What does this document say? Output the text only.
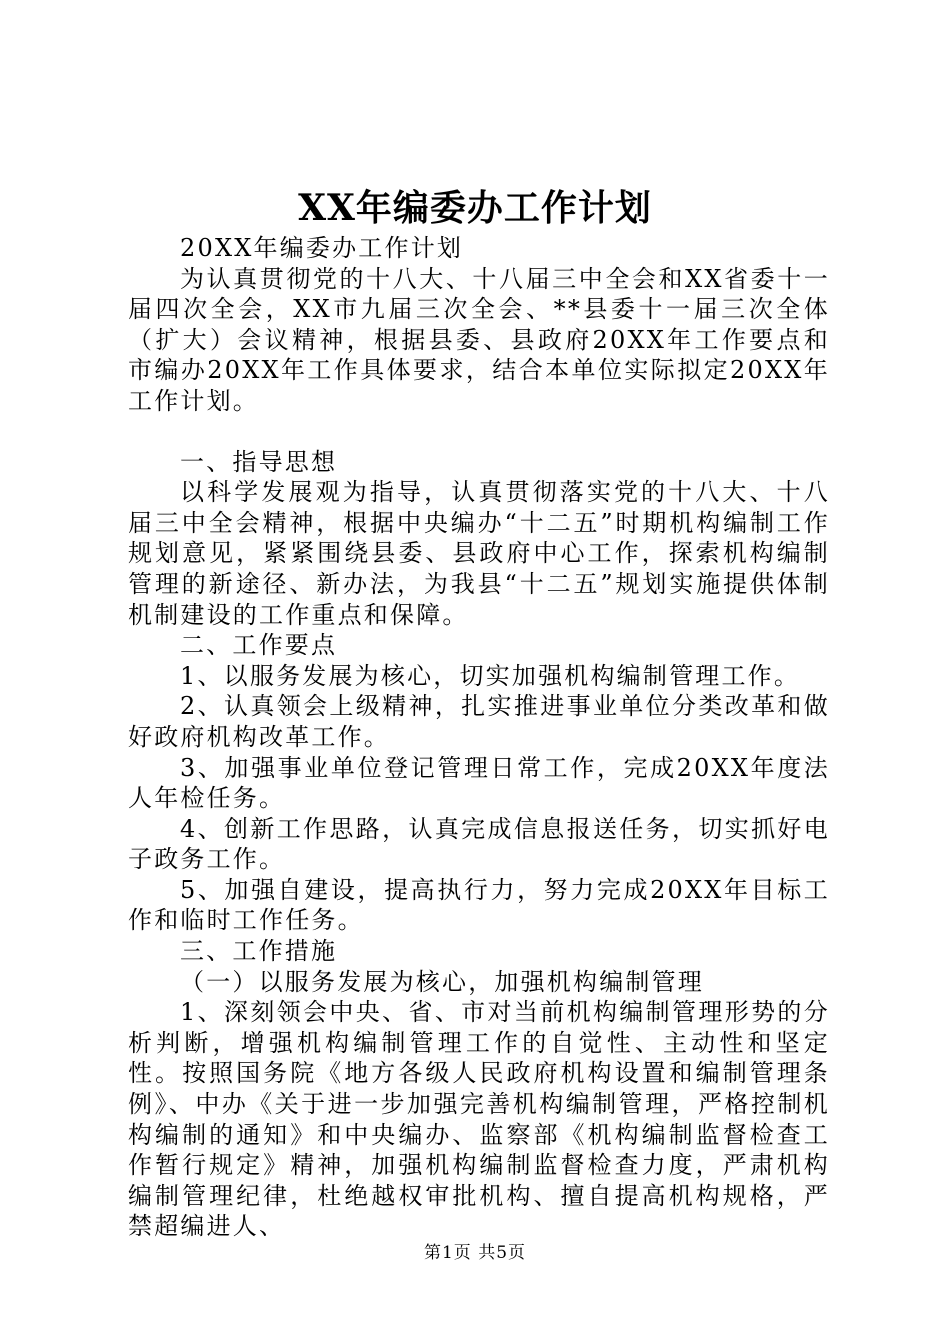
XX年编委办工作计划

20XX年编委办工作计划

为认真贯彻党的十八大、十八届三中全会和XX省委十一届四次全会，XX市九届三次全会、**县委十一届三次全体（扩大）会议精神，根据县委、县政府20XX年工作要点和市编办20XX年工作具体要求，结合本单位实际拟定20XX年工作计划。

一、指导思想

以科学发展观为指导，认真贯彻落实党的十八大、十八届三中全会精神，根据中央编办“十二五”时期机构编制工作规划意见，紧紧围绕县委、县政府中心工作，探索机构编制管理的新途径、新办法，为我县“十二五”规划实施提供体制机制建设的工作重点和保障。

二、工作要点

1、以服务发展为核心，切实加强机构编制管理工作。

2、认真领会上级精神，扎实推进事业单位分类改革和做好政府机构改革工作。

3、加强事业单位登记管理日常工作，完成20XX年度法人年检任务。

4、创新工作思路，认真完成信息报送任务，切实抓好电子政务工作。

5、加强自建设，提高执行力，努力完成20XX年目标工作和临时工作任务。

三、工作措施

（一）以服务发展为核心，加强机构编制管理

1、深刻领会中央、省、市对当前机构编制管理形势的分析判断，增强机构编制管理工作的自觉性、主动性和坚定性。按照国务院《地方各级人民政府机构设置和编制管理条例》、中办《关于进一步加强完善机构编制管理，严格控制机构编制的通知》和中央编办、监察部《机构编制监督检查工作暂行规定》精神，加强机构编制监督检查力度，严肃机构编制管理纪律，杜绝越权审批机构、擅自提高机构规格，严禁超编进人、

第1页 共5页
